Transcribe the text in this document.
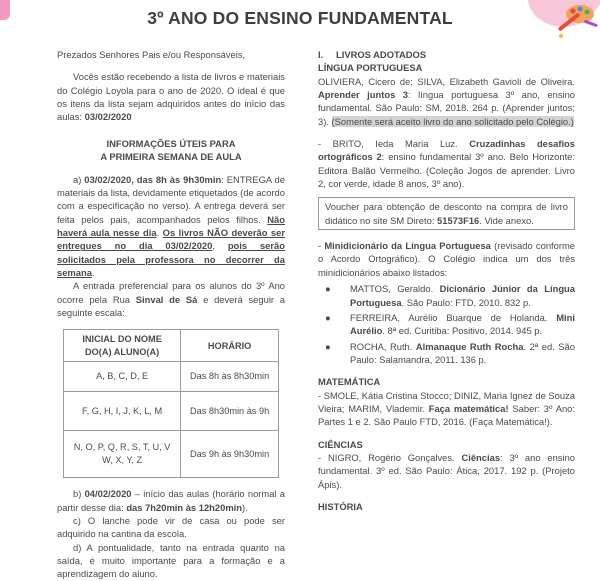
3º ANO DO ENSINO FUNDAMENTAL

Prezados Senhores Pais e/ou Responsáveis,

Vocês estão recebendo a lista de livros e materiais do Colégio Loyola para o ano de 2020. O ideal é que os itens da lista sejam adquiridos antes do início das aulas: 03/02/2020

INFORMAÇÕES ÚTEIS PARA
A PRIMEIRA SEMANA DE AULA

a) 03/02/2020, das 8h às 9h30min: ENTREGA de materiais da lista, devidamente etiquetados (de acordo com a especificação no verso). A entrega deverá ser feita pelos pais, acompanhados pelos filhos. Não haverá aula nesse dia. Os livros NÃO deverão ser entregues no dia 03/02/2020, pois serão solicitados pela professora no decorrer da semana.

A entrada preferencial para os alunos do 3º Ano ocorre pela Rua Sinval de Sá e deverá seguir a seguinte escala:

INICIAL DO NOME
DO(A) ALUNO(A)	HORÁRIO
A, B, C, D, E	Das 8h às 8h30min
F, G, H, I, J, K, L, M	Das 8h30min às 9h
N, O, P, Q, R, S, T, U, V
W, X, Y, Z	Das 9h às 9h30min

b) 04/02/2020 – início das aulas (horário normal a partir desse dia: das 7h20min às 12h20min).

c) O lanche pode vir de casa ou pode ser adquirido na cantina da escola.

d) A pontualidade, tanto na entrada quanto na saída, é muito importante para a formação e a aprendizagem do aluno.

I.	LIVROS ADOTADOS

LÍNGUA PORTUGUESA

OLIVIERA, Cicero de; SILVA, Elizabeth Gavioli de Oliveira. Aprender juntos 3: língua portuguesa 3º ano, ensino fundamental. São Paulo: SM, 2018. 264 p. (Aprender juntos; 3). (Somente será aceito livro do ano solicitado pelo Colégio.)

- BRITO, Ieda Maria Luz. Cruzadinhas desafios ortográficos 2: ensino fundamental 3º ano. Belo Horizonte: Editora Balão Vermelho. (Coleção Jogos de aprender. Livro 2, cor verde, idade 8 anos, 3º ano).

Voucher para obtenção de desconto na compra de livro didático no site SM Direto: 51573F16. Vide anexo.

- Minidicionário da Língua Portuguesa (revisado conforme o Acordo Ortográfico). O Colégio indica um dos três minidicionários abaixo listados:

● MATTOS, Geraldo. Dicionário Júnior da Língua Portuguesa. São Paulo: FTD, 2010. 832 p.
● FERREIRA, Aurélio Buarque de Holanda. Mini Aurélio. 8ª ed. Curitiba: Positivo, 2014. 945 p.
● ROCHA, Ruth. Almanaque Ruth Rocha. 2ª ed. São Paulo: Salamandra, 2011. 136 p.

MATEMÁTICA

- SMOLE, Kátia Cristina Stocco; DINIZ, Maria Ignez de Souza Vieira; MARIM, Vlademir. Faça matemática! Saber: 3º Ano: Partes 1 e 2. São Paulo FTD, 2016. (Faça Matemática!).

CIÊNCIAS

- NIGRO, Rogério Gonçalves. Ciências: 3º ano ensino fundamental. 3º ed. São Paulo: Ática, 2017. 192 p. (Projeto Ápis).

HISTÓRIA
